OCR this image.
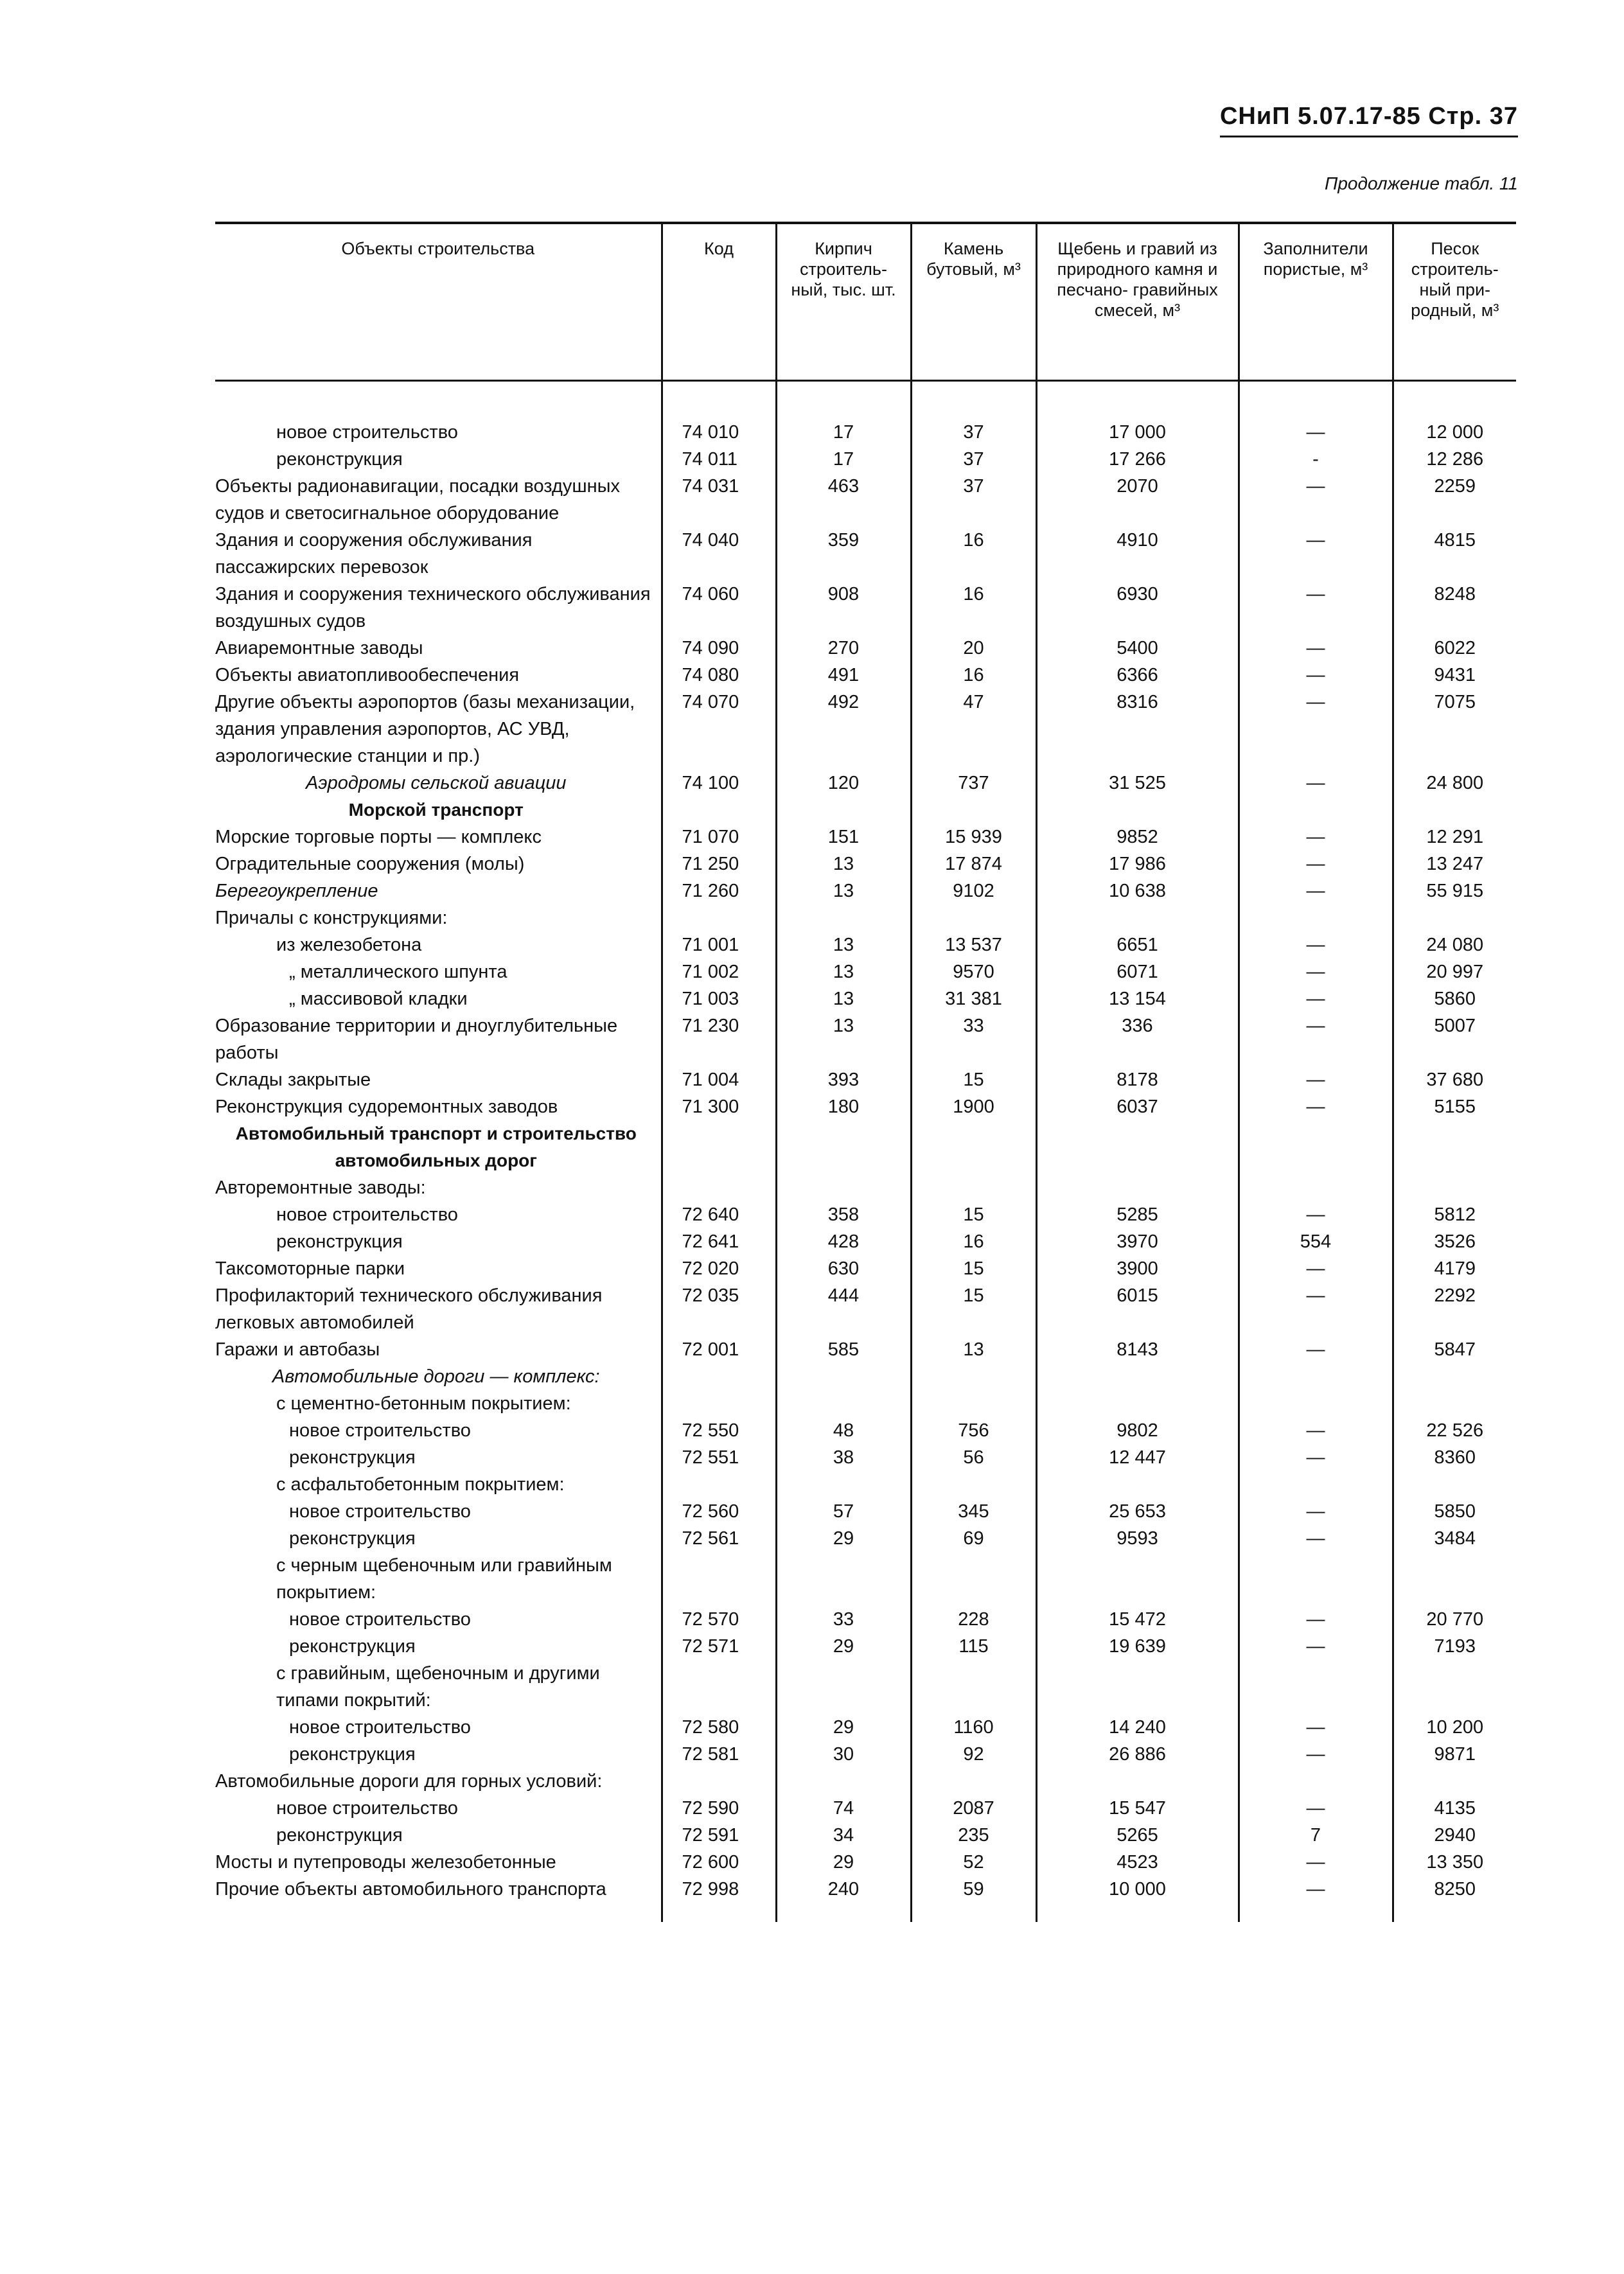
СНиП 5.07.17-85 Стр. 37
Продолжение табл. 11
Объекты строительства	Код	Кирпич строитель- ный, тыс. шт.	Камень бутовый, м³	Щебень и гравий из природного камня и песчано- гравийных смесей, м³	Заполнители пористые, м³	Песок строитель- ный при- родный, м³

новое строительство	74 010	17	37	17 000	—	12 000
реконструкция	74 011	17	37	17 266	-	12 286
Объекты радионавигации, посадки воздушных судов и светосигнальное оборудование	74 031	463	37	2070	—	2259
Здания и сооружения обслуживания пассажирских перевозок	74 040	359	16	4910	—	4815
Здания и сооружения технического обслуживания воздушных судов	74 060	908	16	6930	—	8248
Авиаремонтные заводы	74 090	270	20	5400	—	6022
Объекты авиатопливообеспечения	74 080	491	16	6366	—	9431
Другие объекты аэропортов (базы механизации, здания управления аэропортов, АС УВД, аэрологические станции и пр.)	74 070	492	47	8316	—	7075
Аэродромы сельской авиации	74 100	120	737	31 525	—	24 800
Морской транспорт						
Морские торговые порты — комплекс	71 070	151	15 939	9852	—	12 291
Оградительные сооружения (молы)	71 250	13	17 874	17 986	—	13 247
Берегоукрепление	71 260	13	9102	10 638	—	55 915
Причалы с конструкциями:						
из железобетона	71 001	13	13 537	6651	—	24 080
„ металлического шпунта	71 002	13	9570	6071	—	20 997
„ массивовой кладки	71 003	13	31 381	13 154	—	5860
Образование территории и дноуглубительные работы	71 230	13	33	336	—	5007
Склады закрытые	71 004	393	15	8178	—	37 680
Реконструкция судоремонтных заводов	71 300	180	1900	6037	—	5155
Автомобильный транспорт и строительство автомобильных дорог						
Авторемонтные заводы:						
новое строительство	72 640	358	15	5285	—	5812
реконструкция	72 641	428	16	3970	554	3526
Таксомоторные парки	72 020	630	15	3900	—	4179
Профилакторий технического обслуживания легковых автомобилей	72 035	444	15	6015	—	2292
Гаражи и автобазы	72 001	585	13	8143	—	5847
Автомобильные дороги — комплекс:						
с цементно-бетонным покрытием:						
новое строительство	72 550	48	756	9802	—	22 526
реконструкция	72 551	38	56	12 447	—	8360
с асфальтобетонным покрытием:						
новое строительство	72 560	57	345	25 653	—	5850
реконструкция	72 561	29	69	9593	—	3484
с черным щебеночным или гравийным покрытием:						
новое строительство	72 570	33	228	15 472	—	20 770
реконструкция	72 571	29	115	19 639	—	7193
с гравийным, щебеночным и другими типами покрытий:						
новое строительство	72 580	29	1160	14 240	—	10 200
реконструкция	72 581	30	92	26 886	—	9871
Автомобильные дороги для горных условий:						
новое строительство	72 590	74	2087	15 547	—	4135
реконструкция	72 591	34	235	5265	7	2940
Мосты и путепроводы железобетонные	72 600	29	52	4523	—	13 350
Прочие объекты автомобильного транспорта	72 998	240	59	10 000	—	8250
